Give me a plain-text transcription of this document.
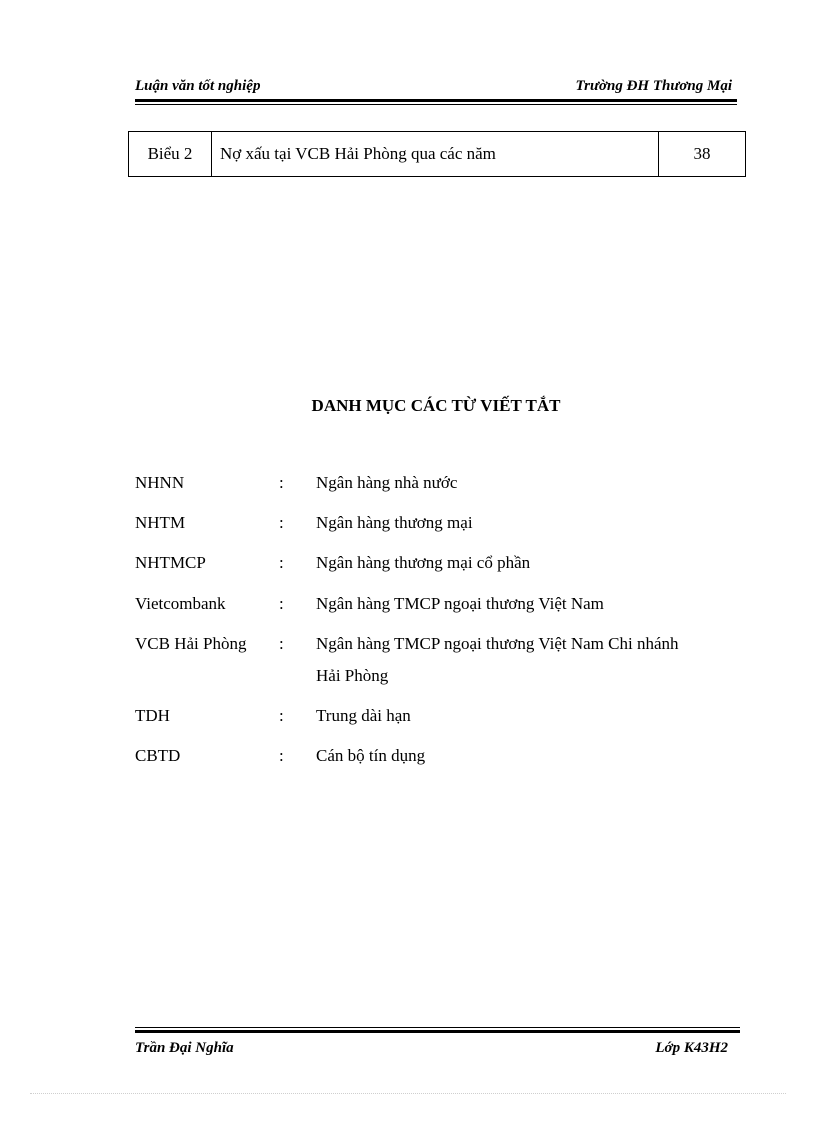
Luận văn tốt nghiệp	Trường ĐH Thương Mại
Biểu 2	Nợ xấu tại VCB Hải Phòng qua các năm	38
DANH MỤC CÁC TỪ VIẾT TẮT
NHNN	: Ngân hàng nhà nước
NHTM	: Ngân hàng thương mại
NHTMCP	: Ngân hàng thương mại cổ phần
Vietcombank	: Ngân hàng TMCP ngoại thương Việt Nam
VCB Hải Phòng : Ngân hàng TMCP ngoại thương Việt Nam Chi nhánh Hải Phòng
TDH	: Trung dài hạn
CBTD	: Cán bộ tín dụng
Trần Đại Nghĩa	Lớp K43H2
